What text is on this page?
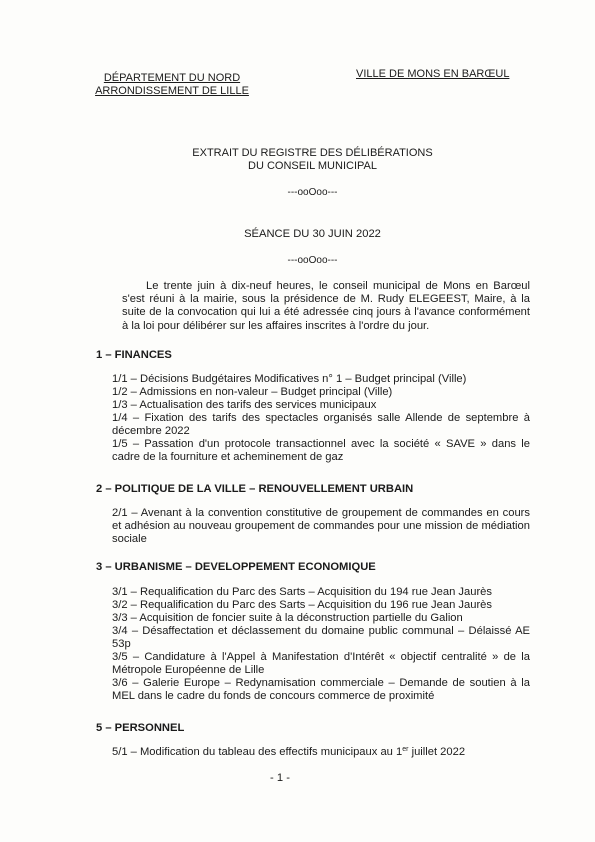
DÉPARTEMENT DU NORD
ARRONDISSEMENT DE LILLE
VILLE DE MONS EN BARŒUL
EXTRAIT DU REGISTRE DES DÉLIBÉRATIONS
DU CONSEIL MUNICIPAL
---ooOoo---
SÉANCE DU 30 JUIN 2022
---ooOoo---

Le trente juin à dix-neuf heures, le conseil municipal de Mons en Barœul s'est réuni à la mairie, sous la présidence de M. Rudy ELEGEEST, Maire, à la suite de la convocation qui lui a été adressée cinq jours à l'avance conformément à la loi pour délibérer sur les affaires inscrites à l'ordre du jour.

1 – FINANCES

1/1 – Décisions Budgétaires Modificatives n° 1 – Budget principal (Ville)

1/2 – Admissions en non-valeur – Budget principal (Ville)

1/3 – Actualisation des tarifs des services municipaux

1/4 – Fixation des tarifs des spectacles organisés salle Allende de septembre à décembre 2022

1/5 – Passation d'un protocole transactionnel avec la société « SAVE » dans le cadre de la fourniture et acheminement de gaz

2 – POLITIQUE DE LA VILLE – RENOUVELLEMENT URBAIN

2/1 – Avenant à la convention constitutive de groupement de commandes en cours et adhésion au nouveau groupement de commandes pour une mission de médiation sociale

3 – URBANISME – DEVELOPPEMENT ECONOMIQUE

3/1 – Requalification du Parc des Sarts – Acquisition du 194 rue Jean Jaurès

3/2 – Requalification du Parc des Sarts – Acquisition du 196 rue Jean Jaurès

3/3 – Acquisition de foncier suite à la déconstruction partielle du Galion

3/4 – Désaffectation et déclassement du domaine public communal – Délaissé AE 53p

3/5 – Candidature à l'Appel à Manifestation d'Intérêt « objectif centralité » de la Métropole Européenne de Lille

3/6 – Galerie Europe – Redynamisation commerciale – Demande de soutien à la MEL dans le cadre du fonds de concours commerce de proximité

5 – PERSONNEL

5/1 – Modification du tableau des effectifs municipaux au 1er juillet 2022

- 1 -
